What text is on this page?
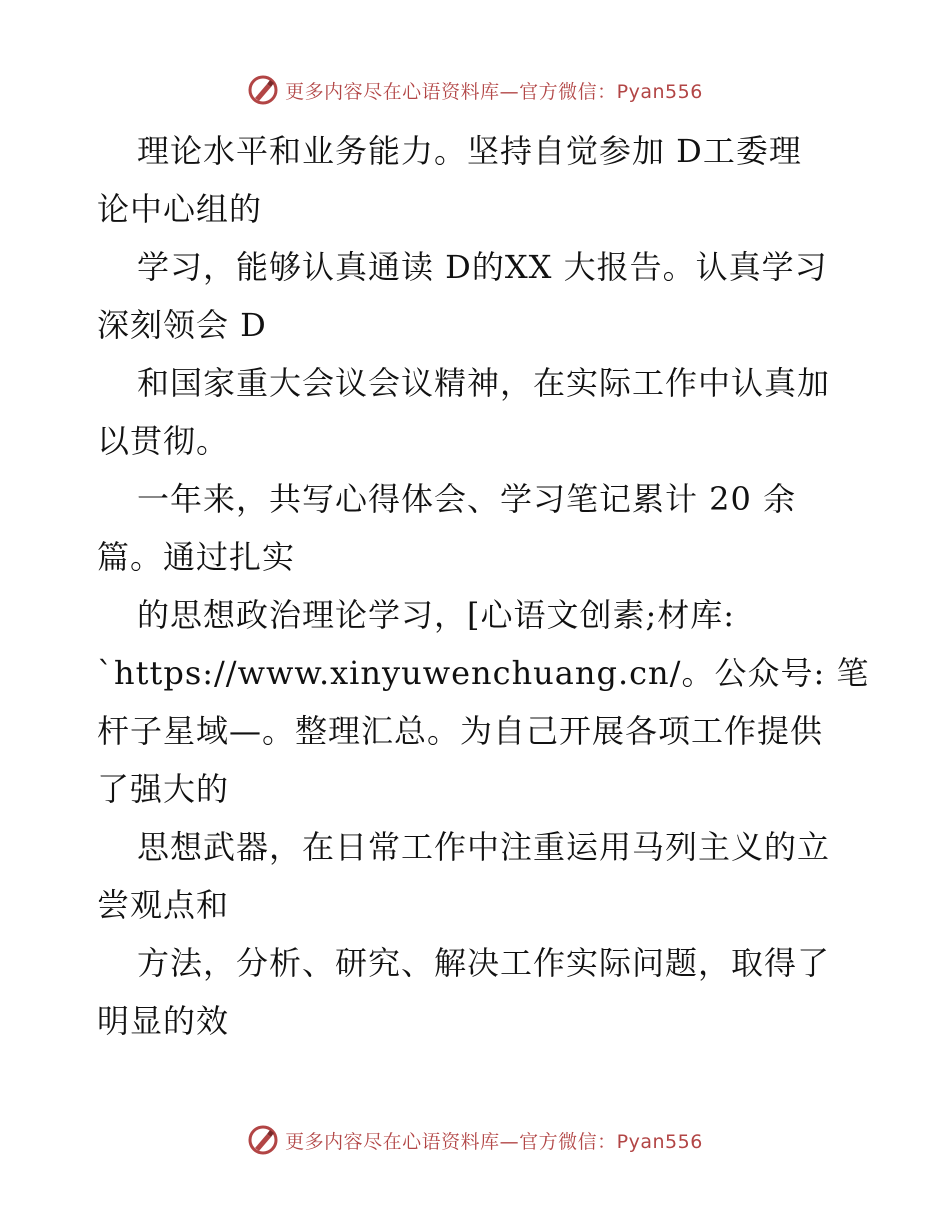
更多内容尽在心语资料库—官方微信：Pyan556
理论水平和业务能力。坚持自觉参加 D工委理
论中心组的
学习，能够认真通读 D的XX 大报告。认真学习
深刻领会 D
和国家重大会议会议精神，在实际工作中认真加
以贯彻。
一年来，共写心得体会、学习笔记累计 20 余
篇。通过扎实
的思想政治理论学习，[心语文创素;材库:
`https://www.xinyuwenchuang.cn/。公众号: 笔
杆子星域—。整理汇总。为自己开展各项工作提供
了强大的
思想武器，在日常工作中注重运用马列主义的立
尝观点和
方法，分析、研究、解决工作实际问题，取得了
明显的效
更多内容尽在心语资料库—官方微信：Pyan556
